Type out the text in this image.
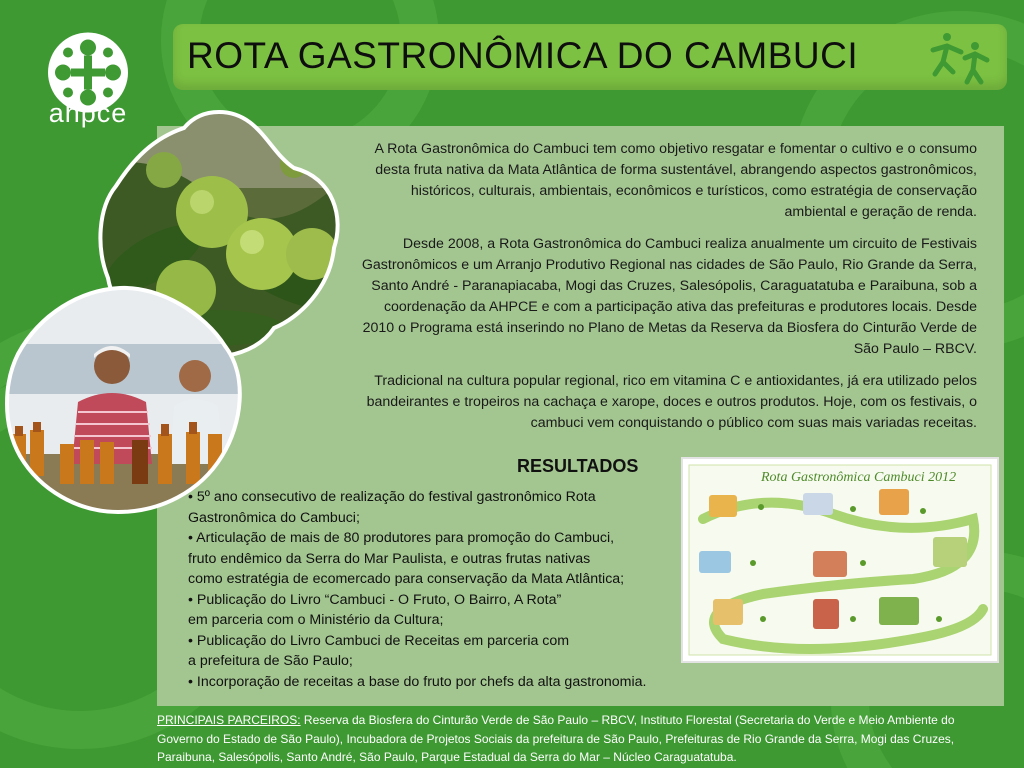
ahpce
ROTA GASTRONÔMICA DO CAMBUCI

A Rota Gastronômica do Cambuci tem como objetivo resgatar e fomentar o cultivo e o consumo desta fruta nativa da Mata Atlântica de forma sustentável, abrangendo aspectos gastronômicos, históricos, culturais, ambientais, econômicos e turísticos, como estratégia de conservação ambiental e geração de renda.

Desde 2008, a Rota Gastronômica do Cambuci realiza anualmente um circuito de Festivais Gastronômicos e um Arranjo Produtivo Regional nas cidades de São Paulo, Rio Grande da Serra, Santo André - Paranapiacaba, Mogi das Cruzes, Salesópolis, Caraguatatuba e Paraibuna, sob a coordenação da AHPCE e com a participação ativa das prefeituras e produtores locais. Desde 2010 o Programa está inserindo no Plano de Metas da Reserva da Biosfera do Cinturão Verde de São Paulo – RBCV.

Tradicional na cultura popular regional, rico em vitamina C e antioxidantes, já era utilizado pelos bandeirantes e tropeiros na cachaça e xarope, doces e outros produtos. Hoje, com os festivais, o cambuci vem conquistando o público com suas mais variadas receitas.

RESULTADOS
• 5º ano consecutivo de realização do festival gastronômico Rota
Gastronômica do Cambuci;
• Articulação de mais de 80 produtores para promoção do Cambuci,
fruto endêmico da Serra do Mar Paulista, e outras frutas nativas
como estratégia de ecomercado para conservação da Mata Atlântica;
• Publicação do Livro “Cambuci - O Fruto, O Bairro, A Rota”
em parceria com o Ministério da Cultura;
• Publicação do Livro Cambuci de Receitas em parceria com
a prefeitura de São Paulo;
• Incorporação de receitas a base do fruto por chefs da alta gastronomia.
Rota Gastronômica Cambuci 2012
PRINCIPAIS PARCEIROS: Reserva da Biosfera do Cinturão Verde de São Paulo – RBCV, Instituto Florestal (Secretaria do Verde e Meio Ambiente do Governo do Estado de São Paulo), Incubadora de Projetos Sociais da prefeitura de São Paulo, Prefeituras de Rio Grande da Serra, Mogi das Cruzes, Paraibuna, Salesópolis, Santo André, São Paulo, Parque Estadual da Serra do Mar – Núcleo Caraguatatuba.
